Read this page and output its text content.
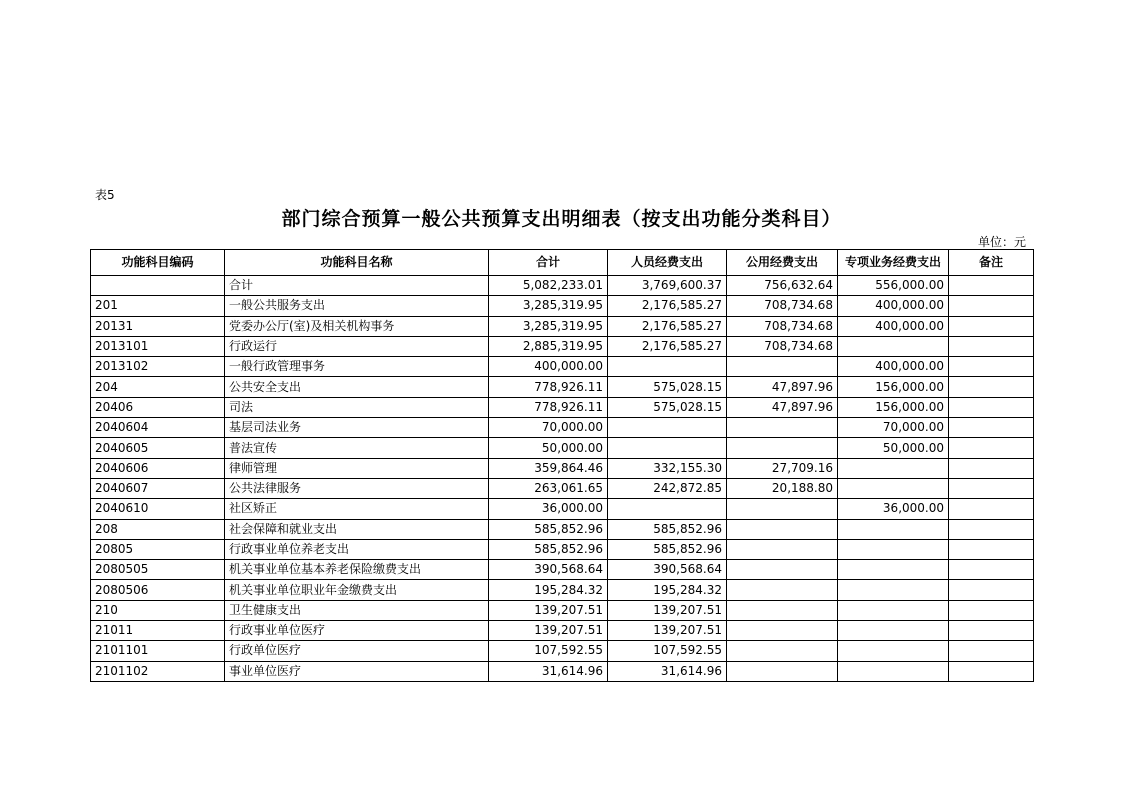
表5
部门综合预算一般公共预算支出明细表（按支出功能分类科目）
单位：元
功能科目编码	功能科目名称	合计	人员经费支出	公用经费支出	专项业务经费支出	备注
	合计	5,082,233.01	3,769,600.37	756,632.64	556,000.00	
201	一般公共服务支出	3,285,319.95	2,176,585.27	708,734.68	400,000.00	
20131	党委办公厅(室)及相关机构事务	3,285,319.95	2,176,585.27	708,734.68	400,000.00	
2013101	行政运行	2,885,319.95	2,176,585.27	708,734.68		
2013102	一般行政管理事务	400,000.00			400,000.00	
204	公共安全支出	778,926.11	575,028.15	47,897.96	156,000.00	
20406	司法	778,926.11	575,028.15	47,897.96	156,000.00	
2040604	基层司法业务	70,000.00			70,000.00	
2040605	普法宣传	50,000.00			50,000.00	
2040606	律师管理	359,864.46	332,155.30	27,709.16		
2040607	公共法律服务	263,061.65	242,872.85	20,188.80		
2040610	社区矫正	36,000.00			36,000.00	
208	社会保障和就业支出	585,852.96	585,852.96			
20805	行政事业单位养老支出	585,852.96	585,852.96			
2080505	机关事业单位基本养老保险缴费支出	390,568.64	390,568.64			
2080506	机关事业单位职业年金缴费支出	195,284.32	195,284.32			
210	卫生健康支出	139,207.51	139,207.51			
21011	行政事业单位医疗	139,207.51	139,207.51			
2101101	行政单位医疗	107,592.55	107,592.55			
2101102	事业单位医疗	31,614.96	31,614.96			
